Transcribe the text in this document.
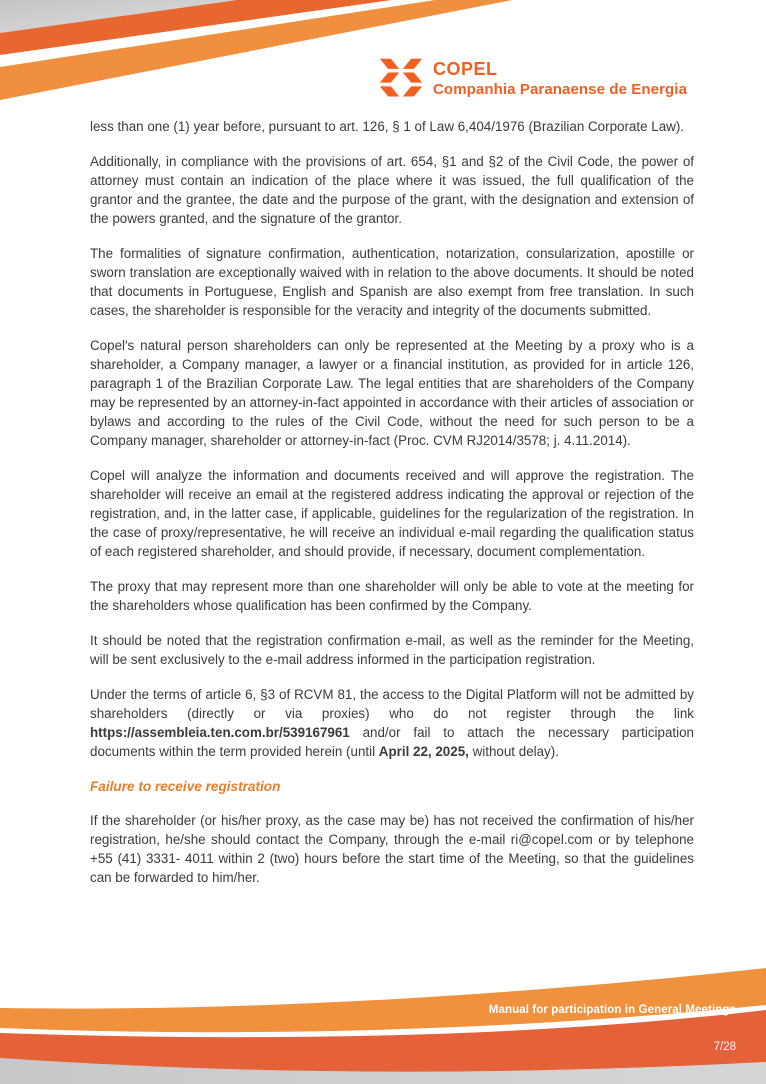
COPEL
Companhia Paranaense de Energia

less than one (1) year before, pursuant to art. 126, § 1 of Law 6,404/1976 (Brazilian Corporate Law).

Additionally, in compliance with the provisions of art. 654, §1 and §2 of the Civil Code, the power of attorney must contain an indication of the place where it was issued, the full qualification of the grantor and the grantee, the date and the purpose of the grant, with the designation and extension of the powers granted, and the signature of the grantor.

The formalities of signature confirmation, authentication, notarization, consularization, apostille or sworn translation are exceptionally waived with in relation to the above documents. It should be noted that documents in Portuguese, English and Spanish are also exempt from free translation. In such cases, the shareholder is responsible for the veracity and integrity of the documents submitted.

Copel's natural person shareholders can only be represented at the Meeting by a proxy who is a shareholder, a Company manager, a lawyer or a financial institution, as provided for in article 126, paragraph 1 of the Brazilian Corporate Law. The legal entities that are shareholders of the Company may be represented by an attorney-in-fact appointed in accordance with their articles of association or bylaws and according to the rules of the Civil Code, without the need for such person to be a Company manager, shareholder or attorney-in-fact (Proc. CVM RJ2014/3578; j. 4.11.2014).

Copel will analyze the information and documents received and will approve the registration. The shareholder will receive an email at the registered address indicating the approval or rejection of the registration, and, in the latter case, if applicable, guidelines for the regularization of the registration. In the case of proxy/representative, he will receive an individual e-mail regarding the qualification status of each registered shareholder, and should provide, if necessary, document complementation.

The proxy that may represent more than one shareholder will only be able to vote at the meeting for the shareholders whose qualification has been confirmed by the Company.

It should be noted that the registration confirmation e-mail, as well as the reminder for the Meeting, will be sent exclusively to the e-mail address informed in the participation registration.

Under the terms of article 6, §3 of RCVM 81, the access to the Digital Platform will not be admitted by shareholders (directly or via proxies) who do not register through the link https://assembleia.ten.com.br/539167961 and/or fail to attach the necessary participation documents within the term provided herein (until April 22, 2025, without delay).

Failure to receive registration

If the shareholder (or his/her proxy, as the case may be) has not received the confirmation of his/her registration, he/she should contact the Company, through the e-mail ri@copel.com or by telephone +55 (41) 3331- 4011 within 2 (two) hours before the start time of the Meeting, so that the guidelines can be forwarded to him/her.

Manual for participation in General Meetings
7/28
